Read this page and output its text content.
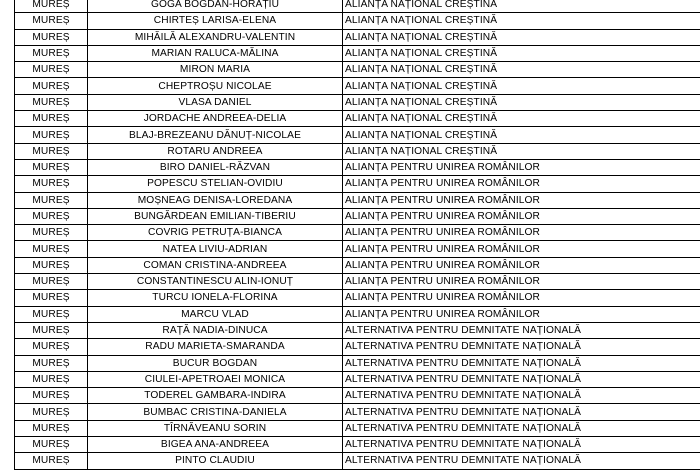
MUREȘ	GOGA BOGDAN-HORAȚIU	ALIANȚA NAȚIONAL CREȘTINĂ
MUREȘ	CHIRTEȘ LARISA-ELENA	ALIANȚA NAȚIONAL CREȘTINĂ
MUREȘ	MIHĂILĂ ALEXANDRU-VALENTIN	ALIANȚA NAȚIONAL CREȘTINĂ
MUREȘ	MARIAN RALUCA-MĂLINA	ALIANȚA NAȚIONAL CREȘTINĂ
MUREȘ	MIRON MARIA	ALIANȚA NAȚIONAL CREȘTINĂ
MUREȘ	CHEPTROȘU NICOLAE	ALIANȚA NAȚIONAL CREȘTINĂ
MUREȘ	VLASA DANIEL	ALIANȚA NAȚIONAL CREȘTINĂ
MUREȘ	JORDACHE ANDREEA-DELIA	ALIANȚA NAȚIONAL CREȘTINĂ
MUREȘ	BLAJ-BREZEANU DĂNUȚ-NICOLAE	ALIANȚA NAȚIONAL CREȘTINĂ
MUREȘ	ROTARU ANDREEA	ALIANȚA NAȚIONAL CREȘTINĂ
MUREȘ	BIRO DANIEL-RĂZVAN	ALIANȚA PENTRU UNIREA ROMÂNILOR
MUREȘ	POPESCU STELIAN-OVIDIU	ALIANȚA PENTRU UNIREA ROMÂNILOR
MUREȘ	MOȘNEAG DENISA-LOREDANA	ALIANȚA PENTRU UNIREA ROMÂNILOR
MUREȘ	BUNGĂRDEAN EMILIAN-TIBERIU	ALIANȚA PENTRU UNIREA ROMÂNILOR
MUREȘ	COVRIG PETRUȚA-BIANCA	ALIANȚA PENTRU UNIREA ROMÂNILOR
MUREȘ	NATEA LIVIU-ADRIAN	ALIANȚA PENTRU UNIREA ROMÂNILOR
MUREȘ	COMAN CRISTINA-ANDREEA	ALIANȚA PENTRU UNIREA ROMÂNILOR
MUREȘ	CONSTANTINESCU ALIN-IONUȚ	ALIANȚA PENTRU UNIREA ROMÂNILOR
MUREȘ	TURCU IONELA-FLORINA	ALIANȚA PENTRU UNIREA ROMÂNILOR
MUREȘ	MARCU VLAD	ALIANȚA PENTRU UNIREA ROMÂNILOR
MUREȘ	RAȚĂ NADIA-DINUCA	ALTERNATIVA PENTRU DEMNITATE NAȚIONALĂ
MUREȘ	RADU MARIETA-SMARANDA	ALTERNATIVA PENTRU DEMNITATE NAȚIONALĂ
MUREȘ	BUCUR BOGDAN	ALTERNATIVA PENTRU DEMNITATE NAȚIONALĂ
MUREȘ	CIULEI-APETROAEI MONICA	ALTERNATIVA PENTRU DEMNITATE NAȚIONALĂ
MUREȘ	TODEREL GAMBARA-INDIRA	ALTERNATIVA PENTRU DEMNITATE NAȚIONALĂ
MUREȘ	BUMBAC CRISTINA-DANIELA	ALTERNATIVA PENTRU DEMNITATE NAȚIONALĂ
MUREȘ	TÎRNĂVEANU SORIN	ALTERNATIVA PENTRU DEMNITATE NAȚIONALĂ
MUREȘ	BIGEA ANA-ANDREEA	ALTERNATIVA PENTRU DEMNITATE NAȚIONALĂ
MUREȘ	PINTO CLAUDIU	ALTERNATIVA PENTRU DEMNITATE NAȚIONALĂ
